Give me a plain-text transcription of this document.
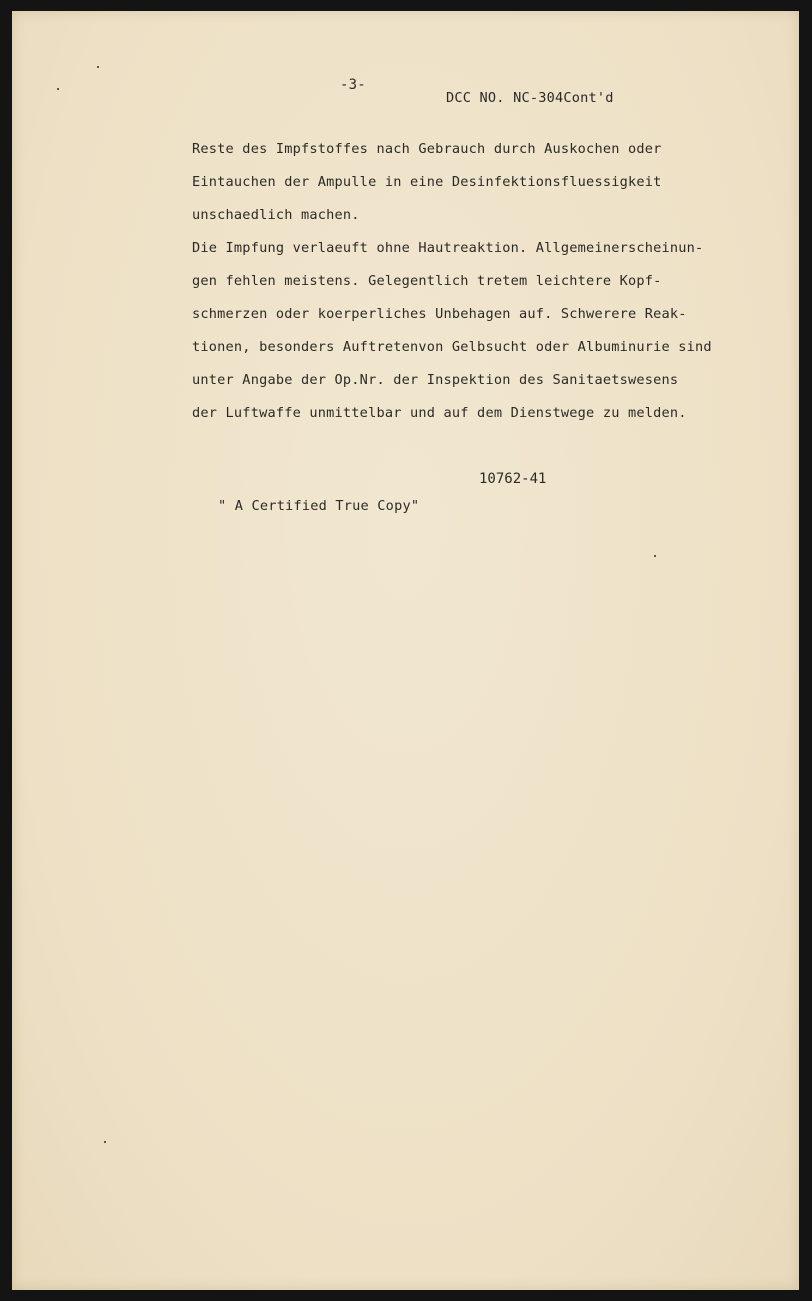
-3-
DCC NO. NC-304Cont'd
Reste des Impfstoffes nach Gebrauch durch Auskochen oder
Eintauchen der Ampulle in eine Desinfektionsfluessigkeit
unschaedlich machen.
Die Impfung verlaeuft ohne Hautreaktion. Allgemeinerscheinun-
gen fehlen meistens. Gelegentlich tretem leichtere Kopf-
schmerzen oder koerperliches Unbehagen auf. Schwerere Reak-
tionen, besonders Auftretenvon Gelbsucht oder Albuminurie sind
unter Angabe der Op.Nr. der Inspektion des Sanitaetswesens
der Luftwaffe unmittelbar und auf dem Dienstwege zu melden.
10762-41
" A Certified True Copy"
